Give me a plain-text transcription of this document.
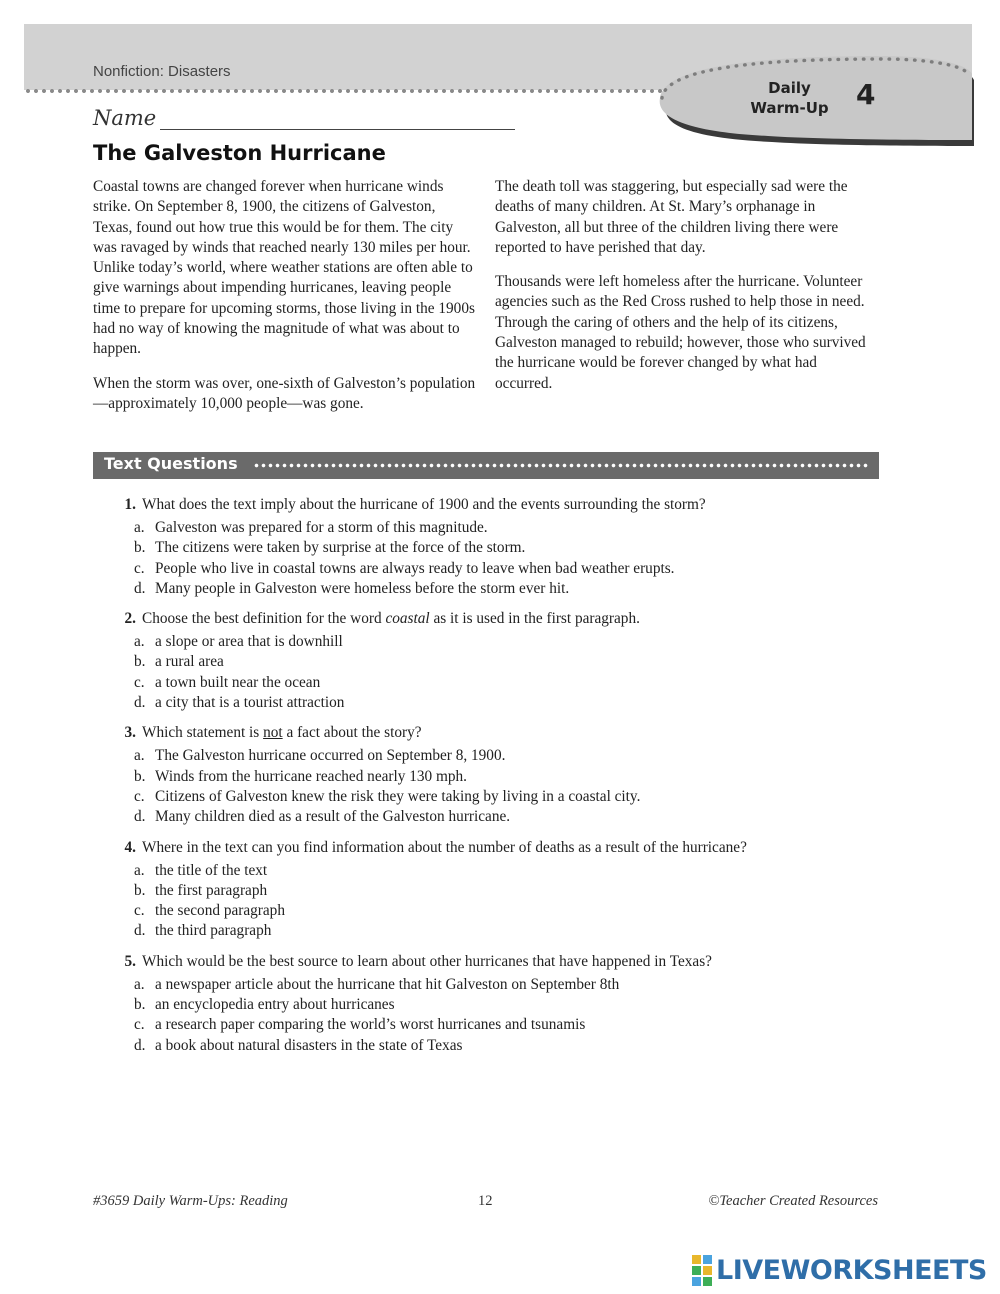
Nonfiction: Disasters
Daily
Warm-Up 4
Name
The Galveston Hurricane

Coastal towns are changed forever when hurricane winds strike. On September 8, 1900, the citizens of Galveston, Texas, found out how true this would be for them. The city was ravaged by winds that reached nearly 130 miles per hour. Unlike today’s world, where weather stations are often able to give warnings about impending hurricanes, leaving people time to prepare for upcoming storms, those living in the 1900s had no way of knowing the magnitude of what was about to happen.

When the storm was over, one-sixth of Galveston’s population—approximately 10,000 people—was gone.

The death toll was staggering, but especially sad were the deaths of many children. At St. Mary’s orphanage in Galveston, all but three of the children living there were reported to have perished that day.

Thousands were left homeless after the hurricane. Volunteer agencies such as the Red Cross rushed to help those in need. Through the caring of others and the help of its citizens, Galveston managed to rebuild; however, those who survived the hurricane would be forever changed by what had occurred.

Text Questions
1. What does the text imply about the hurricane of 1900 and the events surrounding the storm?
a. Galveston was prepared for a storm of this magnitude.
b. The citizens were taken by surprise at the force of the storm.
c. People who live in coastal towns are always ready to leave when bad weather erupts.
d. Many people in Galveston were homeless before the storm ever hit.
2. Choose the best definition for the word coastal as it is used in the first paragraph.
a. a slope or area that is downhill
b. a rural area
c. a town built near the ocean
d. a city that is a tourist attraction
3. Which statement is not a fact about the story?
a. The Galveston hurricane occurred on September 8, 1900.
b. Winds from the hurricane reached nearly 130 mph.
c. Citizens of Galveston knew the risk they were taking by living in a coastal city.
d. Many children died as a result of the Galveston hurricane.
4. Where in the text can you find information about the number of deaths as a result of the hurricane?
a. the title of the text
b. the first paragraph
c. the second paragraph
d. the third paragraph
5. Which would be the best source to learn about other hurricanes that have happened in Texas?
a. a newspaper article about the hurricane that hit Galveston on September 8th
b. an encyclopedia entry about hurricanes
c. a research paper comparing the world’s worst hurricanes and tsunamis
d. a book about natural disasters in the state of Texas
#3659 Daily Warm-Ups: Reading	12	©Teacher Created Resources
LIVEWORKSHEETS
